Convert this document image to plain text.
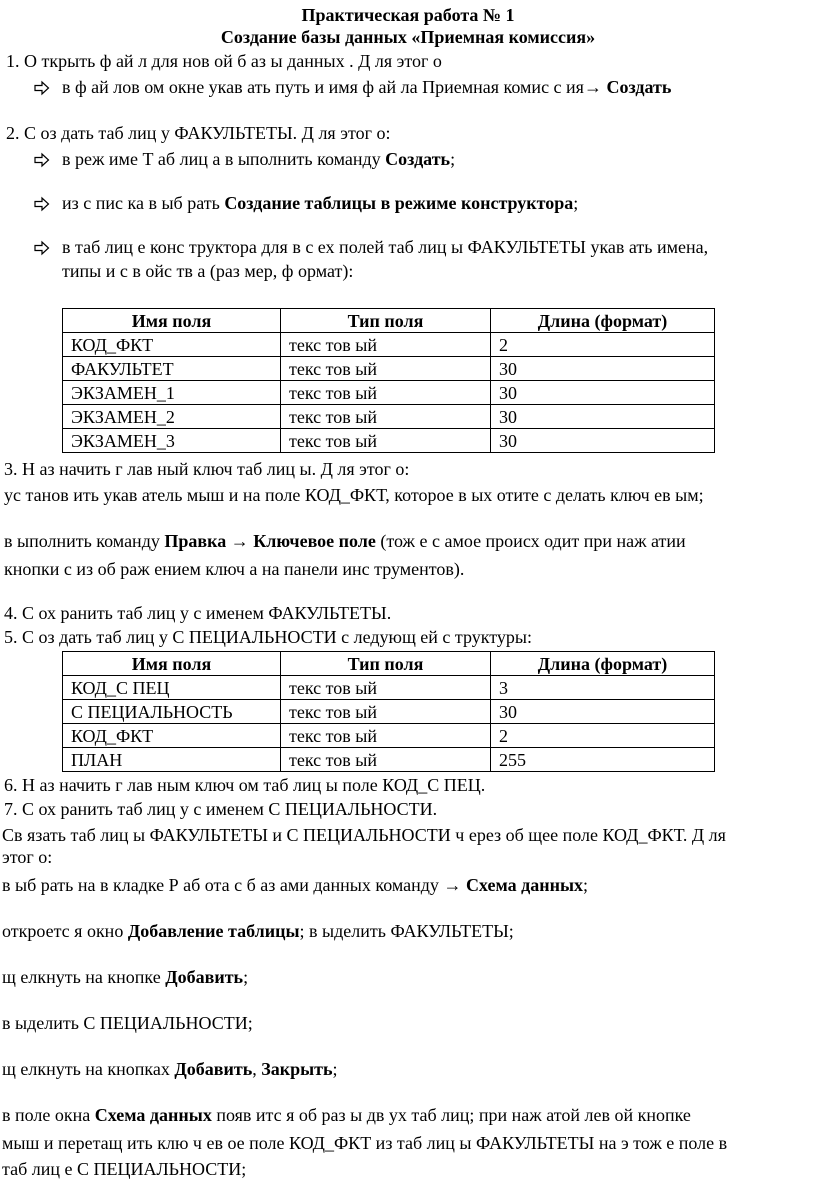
Практическая работа № 1
Создание базы данных «Приемная комиссия»
1. О ткрыть ф ай л для нов ой б аз ы данных . Д ля этог о
в ф ай лов ом окне укав ать путь и имя ф ай ла Приемная комис с ия→ Создать
2. С оз дать таб лиц у ФАКУЛЬТЕТЫ. Д ля этог о:
в реж име Т аб лиц а в ыполнить команду Создать;
из с пис ка в ыб рать Создание таблицы в режиме конструктора;
в таб лиц е конс труктора для в с ех полей таб лиц ы ФАКУЛЬТЕТЫ укав ать имена,
типы и с в ойс тв а (раз мер, ф ормат):
Имя поля	Тип поля	Длина (формат)
КОД_ФКТ	текс тов ый	2
ФАКУЛЬТЕТ	текс тов ый	30
ЭКЗАМЕН_1	текс тов ый	30
ЭКЗАМЕН_2	текс тов ый	30
ЭКЗАМЕН_3	текс тов ый	30
3. Н аз начить г лав ный ключ таб лиц ы. Д ля этог о:
ус танов ить укав атель мыш и на поле КОД_ФКТ, которое в ых отите с делать ключ ев ым;
в ыполнить команду Правка → Ключевое поле (тож е с амое происх одит при наж атии
кнопки с из об раж ением ключ а на панели инс трументов).
4. С ох ранить таб лиц у с именем ФАКУЛЬТЕТЫ.
5. С оз дать таб лиц у С ПЕЦИАЛЬНОСТИ с ледующ ей с труктуры:
Имя поля	Тип поля	Длина (формат)
КОД_С ПЕЦ	текс тов ый	3
С ПЕЦИАЛЬНОСТЬ	текс тов ый	30
КОД_ФКТ	текс тов ый	2
ПЛАН	текс тов ый	255
6. Н аз начить г лав ным ключ ом таб лиц ы поле КОД_С ПЕЦ.
7. С ох ранить таб лиц у с именем С ПЕЦИАЛЬНОСТИ.
Св язать таб лиц ы ФАКУЛЬТЕТЫ и С ПЕЦИАЛЬНОСТИ ч ерез об щее поле КОД_ФКТ. Д ля
этог о:
в ыб рать на в кладке Р аб ота с б аз ами данных команду → Схема данных;
откроетс я окно Добавление таблицы; в ыделить ФАКУЛЬТЕТЫ;
щ елкнуть на кнопке Добавить;
в ыделить С ПЕЦИАЛЬНОСТИ;
щ елкнуть на кнопках Добавить, Закрыть;
в поле окна Схема данных появ итс я об раз ы дв ух таб лиц; при наж атой лев ой кнопке
мыш и перетащ ить клю ч ев ое поле КОД_ФКТ из таб лиц ы ФАКУЛЬТЕТЫ на э тож е поле в
таб лиц е С ПЕЦИАЛЬНОСТИ;
